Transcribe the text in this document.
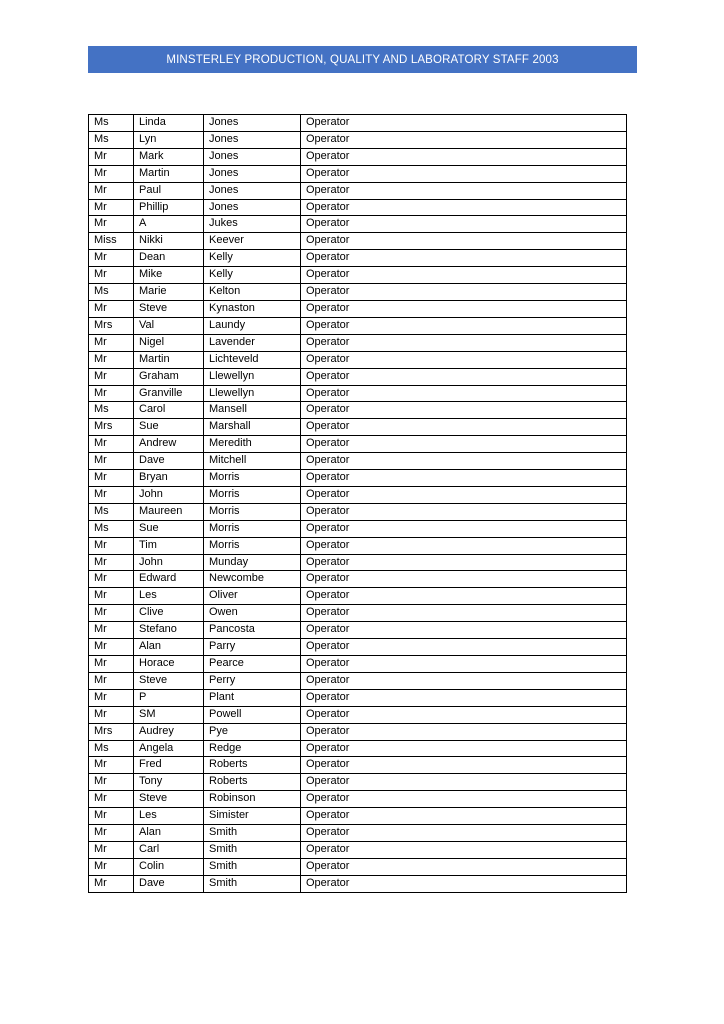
MINSTERLEY PRODUCTION, QUALITY AND LABORATORY STAFF 2003
Ms	Linda	Jones	Operator
Ms	Lyn	Jones	Operator
Mr	Mark	Jones	Operator
Mr	Martin	Jones	Operator
Mr	Paul	Jones	Operator
Mr	Phillip	Jones	Operator
Mr	A	Jukes	Operator
Miss	Nikki	Keever	Operator
Mr	Dean	Kelly	Operator
Mr	Mike	Kelly	Operator
Ms	Marie	Kelton	Operator
Mr	Steve	Kynaston	Operator
Mrs	Val	Laundy	Operator
Mr	Nigel	Lavender	Operator
Mr	Martin	Lichteveld	Operator
Mr	Graham	Llewellyn	Operator
Mr	Granville	Llewellyn	Operator
Ms	Carol	Mansell	Operator
Mrs	Sue	Marshall	Operator
Mr	Andrew	Meredith	Operator
Mr	Dave	Mitchell	Operator
Mr	Bryan	Morris	Operator
Mr	John	Morris	Operator
Ms	Maureen	Morris	Operator
Ms	Sue	Morris	Operator
Mr	Tim	Morris	Operator
Mr	John	Munday	Operator
Mr	Edward	Newcombe	Operator
Mr	Les	Oliver	Operator
Mr	Clive	Owen	Operator
Mr	Stefano	Pancosta	Operator
Mr	Alan	Parry	Operator
Mr	Horace	Pearce	Operator
Mr	Steve	Perry	Operator
Mr	P	Plant	Operator
Mr	SM	Powell	Operator
Mrs	Audrey	Pye	Operator
Ms	Angela	Redge	Operator
Mr	Fred	Roberts	Operator
Mr	Tony	Roberts	Operator
Mr	Steve	Robinson	Operator
Mr	Les	Simister	Operator
Mr	Alan	Smith	Operator
Mr	Carl	Smith	Operator
Mr	Colin	Smith	Operator
Mr	Dave	Smith	Operator
